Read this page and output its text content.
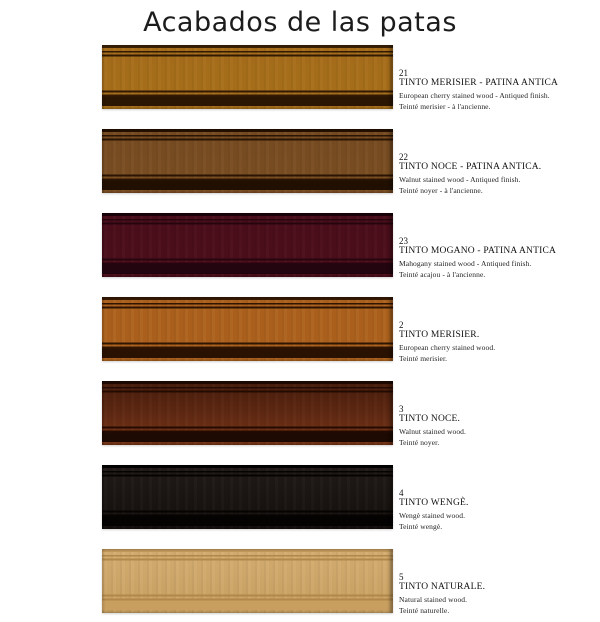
Acabados de las patas
21
TINTO MERISIER - PATINA ANTICA
European cherry stained wood - Antiqued finish.
Teinté merisier - à l'ancienne.
22
TINTO NOCE - PATINA ANTICA.
Walnut stained wood - Antiqued finish.
Teinté noyer - à l'ancienne.
23
TINTO MOGANO - PATINA ANTICA
Mahogany stained wood - Antiqued finish.
Teinté acajou - à l'ancienne.
2
TINTO MERISIER.
European cherry stained wood.
Teinté merisier.
3
TINTO NOCE.
Walnut stained wood.
Teinté noyer.
4
TINTO WENGÈ.
Wengè stained wood.
Teinté wengè.
5
TINTO NATURALE.
Natural stained wood.
Teinté naturelle.
